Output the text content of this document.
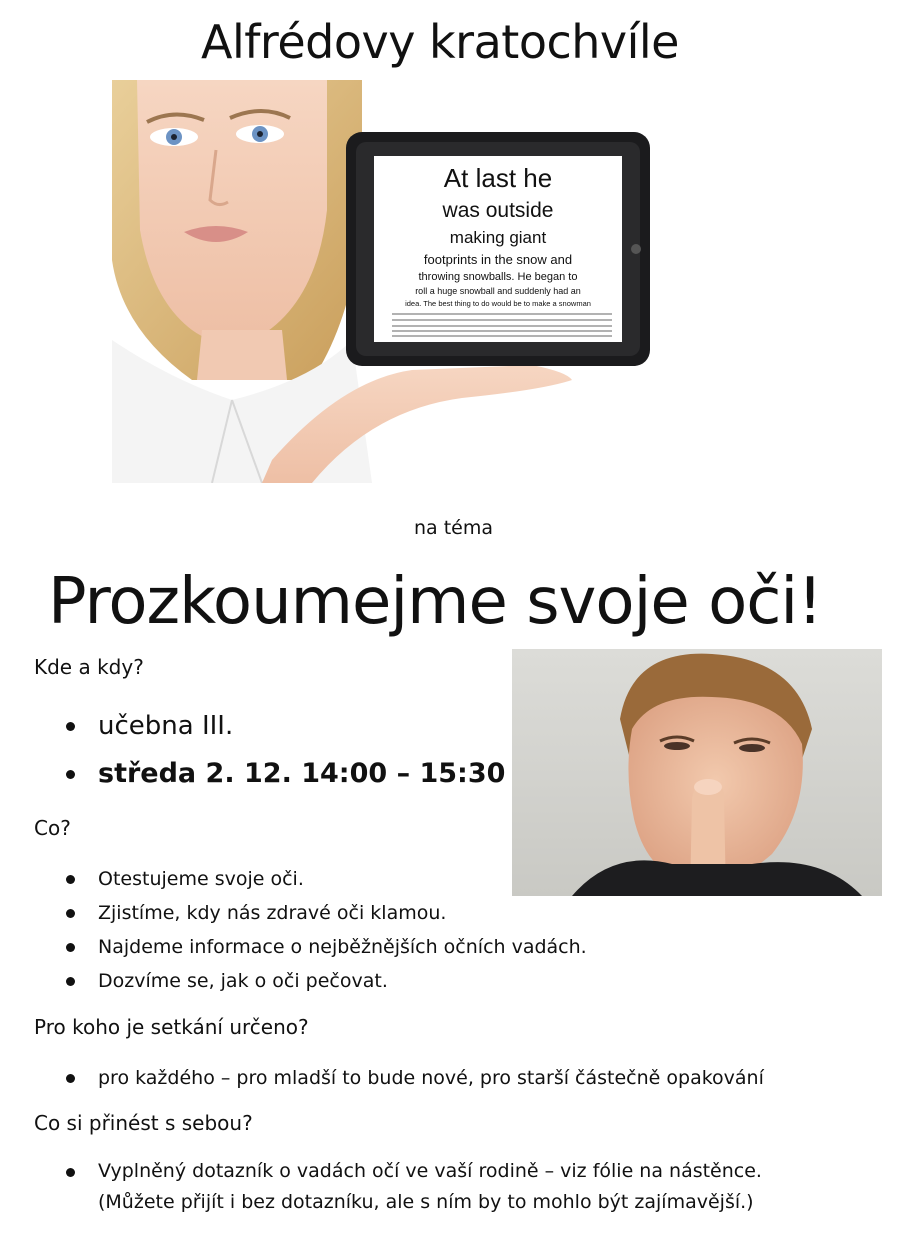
Alfrédovy kratochvíle
At last he
was outside
making giant
footprints in the snow and
throwing snowballs. He began to
roll a huge snowball and suddenly had an
idea. The best thing to do would be to make a snowman
na téma
Prozkoumejme svoje oči!
Kde a kdy?
učebna III.
středa 2. 12. 14:00 – 15:30
Co?
Otestujeme svoje oči.
Zjistíme, kdy nás zdravé oči klamou.
Najdeme informace o nejběžnějších očních vadách.
Dozvíme se, jak o oči pečovat.
Pro koho je setkání určeno?
pro každého – pro mladší to bude nové, pro starší částečně opakování
Co si přinést s sebou?
Vyplněný dotazník o vadách očí ve vaší rodině – viz fólie na nástěnce.
(Můžete přijít i bez dotazníku, ale s ním by to mohlo být zajímavější.)
